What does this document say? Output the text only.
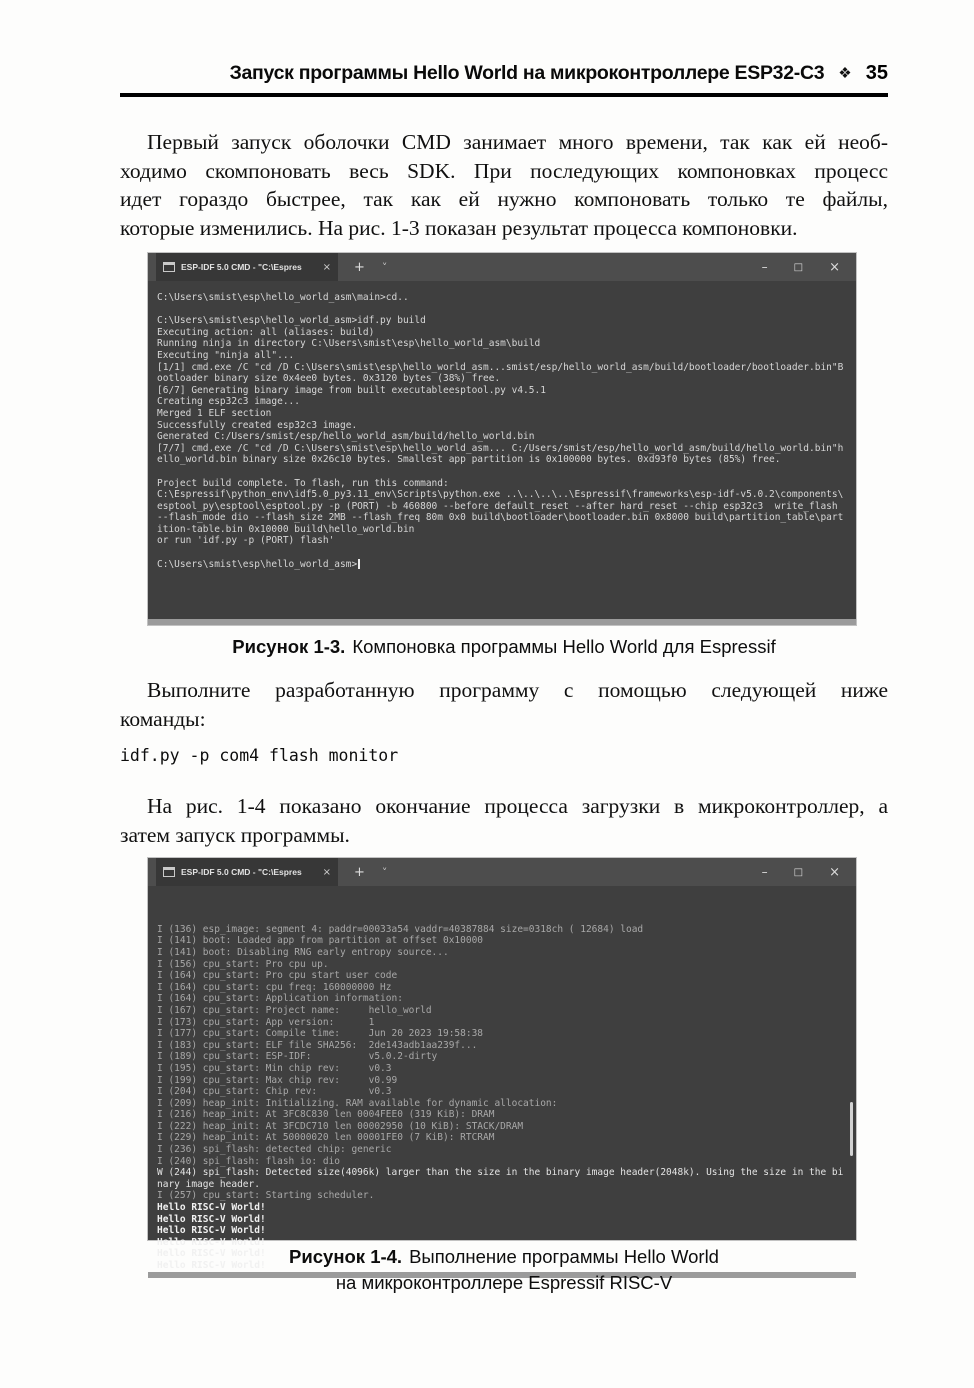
Запуск программы Hello World на микроконтроллере ESP32-C3 ❖ 35
Первый запуск оболочки CMD занимает много времени, так как ей необ-
ходимо скомпоновать весь SDK. При последующих компоновках процесс
идет гораздо быстрее, так как ей нужно компоновать только те файлы,
которые изменились. На рис. 1-3 показан результат процесса компоновки.
ESP-IDF 5.0 CMD - "C:\Espres	× + ˅	–	□ ×
C:\Users\smist\esp\hello_world_asm\main>cd..
C:\Users\smist\esp\hello_world_asm>idf.py build
Executing action: all (aliases: build)
Running ninja in directory C:\Users\smist\esp\hello_world_asm\build
Executing "ninja all"...
[1/1] cmd.exe /C "cd /D C:\Users\smist\esp\hello_world_asm...smist/esp/hello_world_asm/build/bootloader/bootloader.bin"B
ootloader binary size 0x4ee0 bytes. 0x3120 bytes (38%) free.
[6/7] Generating binary image from built executableesptool.py v4.5.1
Creating esp32c3 image...
Merged 1 ELF section
Successfully created esp32c3 image.
Generated C:/Users/smist/esp/hello_world_asm/build/hello_world.bin
[7/7] cmd.exe /C "cd /D C:\Users\smist\esp\hello_world_asm... C:/Users/smist/esp/hello_world_asm/build/hello_world.bin"h
ello_world.bin binary size 0x26c10 bytes. Smallest app partition is 0x100000 bytes. 0xd93f0 bytes (85%) free.
Project build complete. To flash, run this command:
C:\Espressif\python_env\idf5.0_py3.11_env\Scripts\python.exe ..\..\..\..\Espressif\frameworks\esp-idf-v5.0.2\components\
esptool_py\esptool\esptool.py -p (PORT) -b 460800 --before default_reset --after hard_reset --chip esp32c3  write_flash
--flash_mode dio --flash_size 2MB --flash_freq 80m 0x0 build\bootloader\bootloader.bin 0x8000 build\partition_table\part
ition-table.bin 0x10000 build\hello_world.bin
or run 'idf.py -p (PORT) flash'
C:\Users\smist\esp\hello_world_asm>
Рисунок 1-3. Компоновка программы Hello World для Espressif
Выполните разработанную программу с помощью следующей ниже
команды:
idf.py -p com4 flash monitor
На рис. 1-4 показано окончание процесса загрузки в микроконтроллер, а
затем запуск программы.
ESP-IDF 5.0 CMD - "C:\Espres	× + ˅	–	□ ×

I (136) esp_image: segment 4: paddr=00033a54 vaddr=40387884 size=0318ch ( 12684) load
I (141) boot: Loaded app from partition at offset 0x10000
I (141) boot: Disabling RNG early entropy source...
I (156) cpu_start: Pro cpu up.
I (164) cpu_start: Pro cpu start user code
I (164) cpu_start: cpu freq: 160000000 Hz
I (164) cpu_start: Application information:
I (167) cpu_start: Project name:     hello_world
I (173) cpu_start: App version:      1
I (177) cpu_start: Compile time:     Jun 20 2023 19:58:38
I (183) cpu_start: ELF file SHA256:  2de143adb1aa239f...
I (189) cpu_start: ESP-IDF:          v5.0.2-dirty
I (195) cpu_start: Min chip rev:     v0.3
I (199) cpu_start: Max chip rev:     v0.99
I (204) cpu_start: Chip rev:         v0.3
I (209) heap_init: Initializing. RAM available for dynamic allocation:
I (216) heap_init: At 3FC8C830 len 0004FEE0 (319 KiB): DRAM
I (222) heap_init: At 3FCDC710 len 00002950 (10 KiB): STACK/DRAM
I (229) heap_init: At 50000020 len 00001FE0 (7 KiB): RTCRAM
I (236) spi_flash: detected chip: generic
I (240) spi_flash: flash io: dio
W (244) spi_flash: Detected size(4096k) larger than the size in the binary image header(2048k). Using the size in the bi
nary image header.
I (257) cpu_start: Starting scheduler.
Hello RISC-V World!
Hello RISC-V World!
Hello RISC-V World!
Hello RISC-V World!
Hello RISC-V World!
Hello RISC-V World!	Рисунок 1-4. Выполнение программы Hello World
на микроконтроллере Espressif RISC-V
